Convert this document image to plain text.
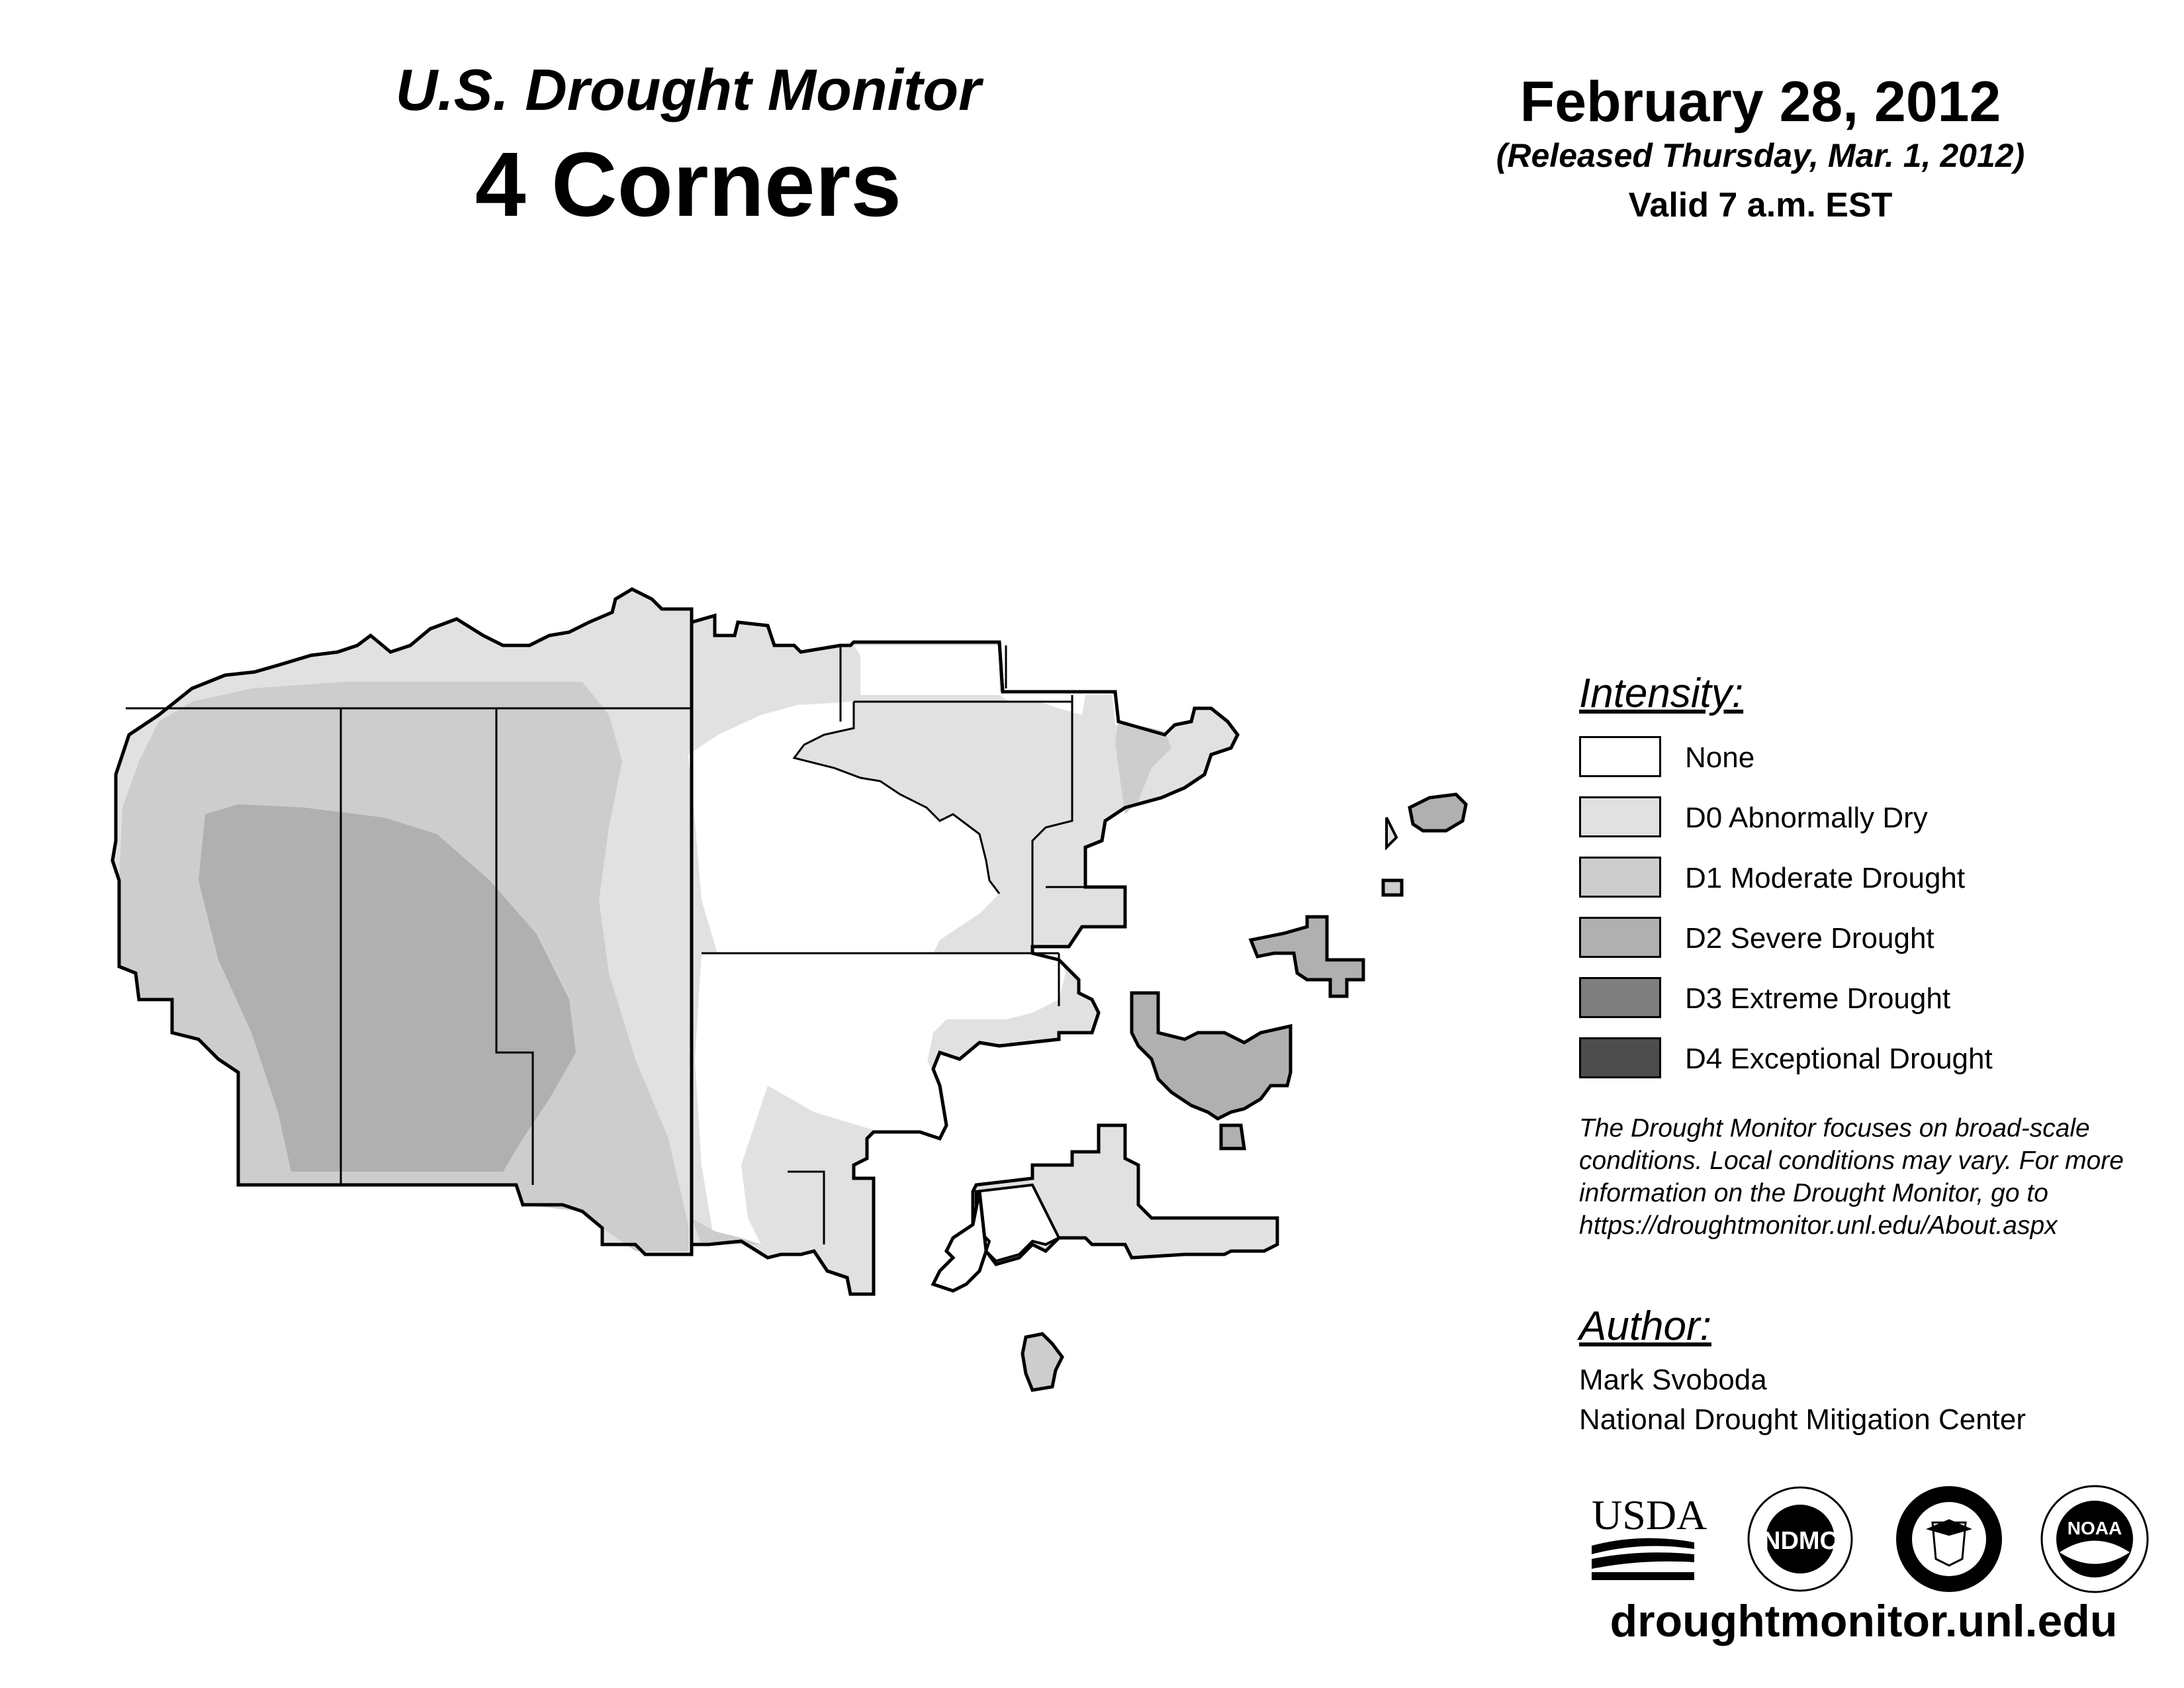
U.S. Drought Monitor
4 Corners
February 28, 2012
(Released Thursday, Mar. 1, 2012)
Valid 7 a.m. EST
Intensity:
None
D0 Abnormally Dry
D1 Moderate Drought
D2 Severe Drought
D3 Extreme Drought
D4 Exceptional Drought
The Drought Monitor focuses on broad-scale conditions. Local conditions may vary. For more information on the Drought Monitor, go to https://droughtmonitor.unl.edu/About.aspx
Author:
Mark Svoboda
National Drought Mitigation Center
USDA
NDMC	NOAA
droughtmonitor.unl.edu
